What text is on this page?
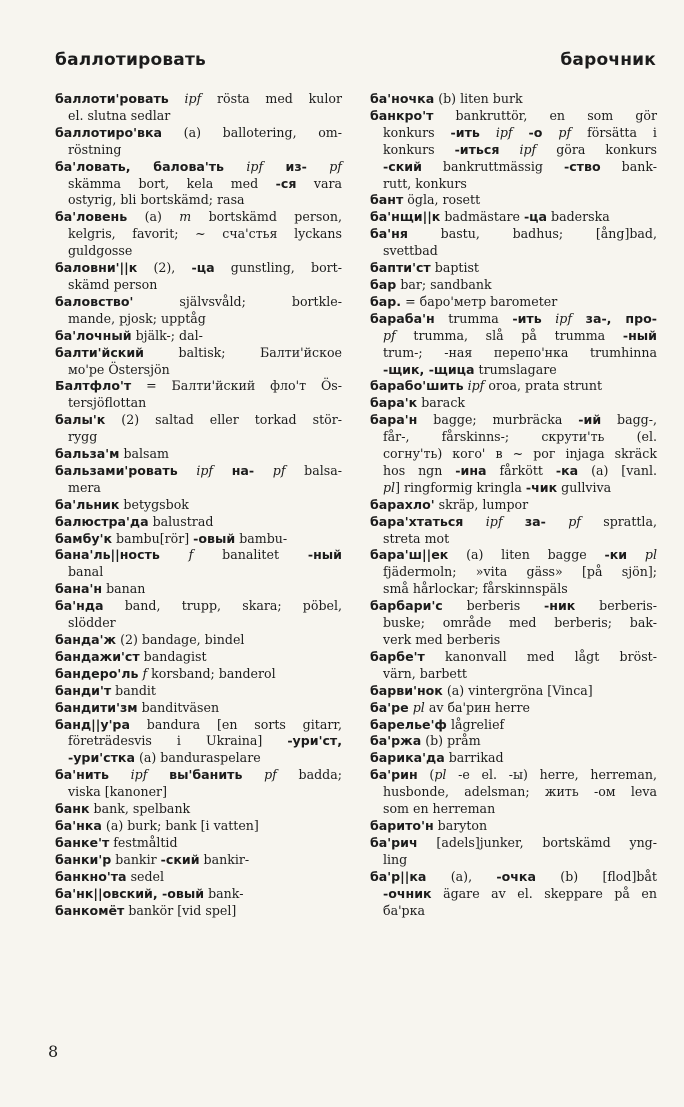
баллотировать	барочник
баллоти'ровать ipf rösta med kulor
el. slutna sedlar
баллотиро'вка (a) ballotering, om-
röstning
ба'ловать, балова'ть ipf из- pf
skämma bort, kela med -ся vara
ostyrig, bli bortskämd; rasa
ба'ловень (a) m bortskämd person,
kelgris, favorit; ~ сча'стья lyckans
guldgosse
баловни'||к (2), -ца gunstling, bort-
skämd person
баловство' självsvåld; bortkle-
mande, pjosk; upptåg
ба'лочный bjälk-; dal-
балти'йский baltisk; Балти'йское
мо'ре Östersjön
Балтфло'т = Балти'йский фло'т Ös-
tersjöflottan
балы'к (2) saltad eller torkad stör-
rygg
бальза'м balsam
бальзами'ровать ipf на- pf balsa-
mera
ба'льник betygsbok
балюстра'да balustrad
бамбу'к bambu[rör] -овый bambu-
бана'ль||ность f banalitet -ный
banal
бана'н banan
ба'нда band, trupp, skara; pöbel,
slödder
банда'ж (2) bandage, bindel
бандажи'ст bandagist
бандеро'ль f korsband; banderol
банди'т bandit
бандити'зм banditväsen
банд||у'ра bandura [en sorts gitarr,
företrädesvis i Ukraina] -ури'ст,
-ури'стка (a) banduraspelare
ба'нить ipf вы'банить pf badda;
viska [kanoner]
банк bank, spelbank
ба'нка (a) burk; bank [i vatten]
банке'т festmåltid
банки'р bankir -ский bankir-
банкно'та sedel
ба'нк||овский, -овый bank-
банкомёт bankör [vid spel]
ба'ночка (b) liten burk
банкро'т bankruttör, en som gör
konkurs -ить ipf -о pf försätta i
konkurs -иться ipf göra konkurs
-ский bankruttmässig -ство bank-
rutt, konkurs
бант ögla, rosett
ба'нщи||к badmästare -ца baderska
ба'ня bastu, badhus; [ång]bad,
svettbad
бапти'ст baptist
бар bar; sandbank
бар. = баро'метр barometer
бараба'н trumma -ить ipf за-, про-
pf trumma, slå på trumma -ный
trum-; -ная перепо'нка trumhinna
-щик, -щица trumslagare
барабо'шить ipf oroa, prata strunt
бара'к barack
бара'н bagge; murbräcka -ий bagg-,
får-, fårskinns-; скрути'ть (el.
согну'ть) кого' в ~ рог injaga skräck
hos ngn -ина fårkött -ка (a) [vanl.
pl] ringformig kringla -чик gullviva
барахло' skräp, lumpor
бара'хтаться ipf за- pf sprattla,
streta mot
бара'ш||ек (a) liten bagge -ки pl
fjädermoln; »vita gäss» [på sjön];
små hårlockar; fårskinnspäls
барбари'с berberis -ник berberis-
buske; område med berberis; bak-
verk med berberis
барбе'т kanonvall med lågt bröst-
värn, barbett
барви'нок (a) vintergröna [Vinca]
ба'ре pl av ба'рин herre
барелье'ф lågrelief
ба'ржа (b) pråm
барика'да barrikad
ба'рин (pl -е el. -ы) herre, herreman,
husbonde, adelsman; жить -ом leva
som en herreman
барито'н baryton
ба'рич [adels]junker, bortskämd yng-
ling
ба'р||ка (a), -очка (b) [flod]båt
-очник ägare av el. skeppare på en
ба'рка
8
